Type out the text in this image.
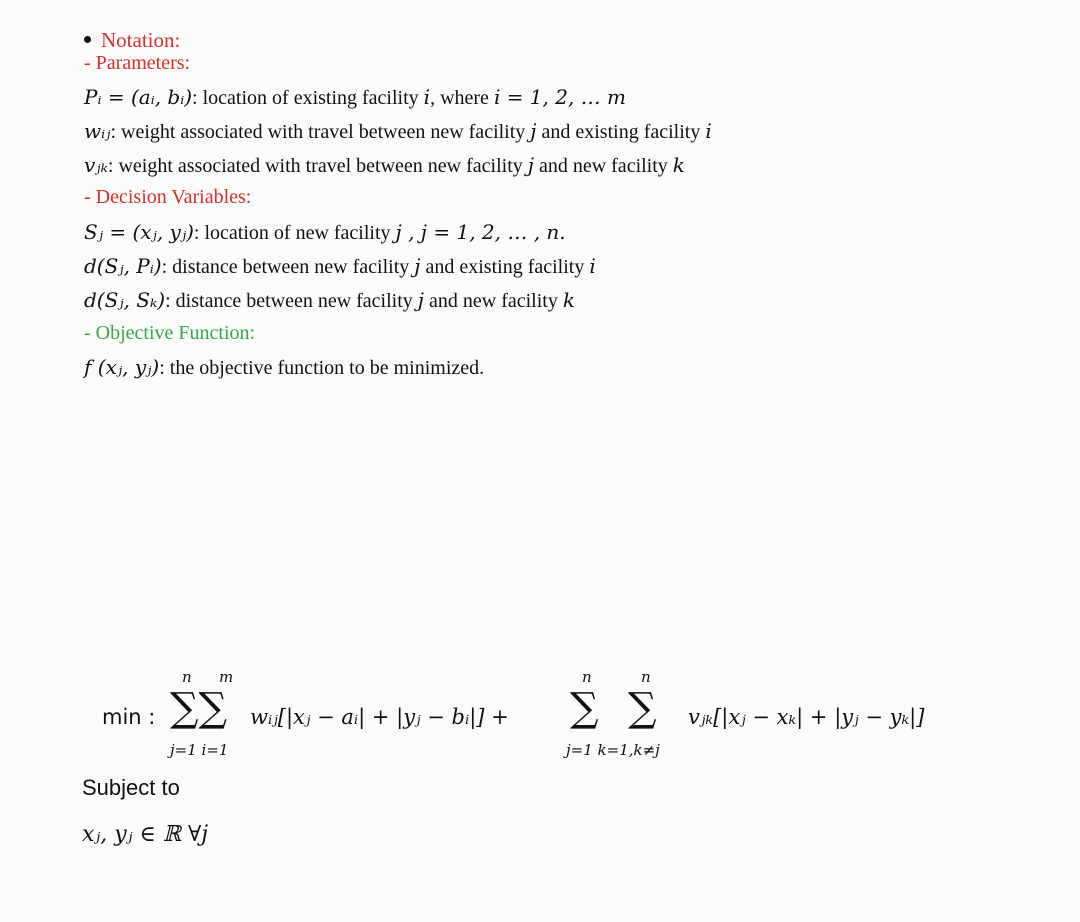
Notation:
- Parameters:
Pᵢ = (aᵢ, bᵢ): location of existing facility i, where i = 1, 2, … m
wᵢⱼ: weight associated with travel between new facility j and existing facility i
vⱼₖ: weight associated with travel between new facility j and new facility k
- Decision Variables:
Sⱼ = (xⱼ, yⱼ): location of new facility j , j = 1, 2, … , n.
d(Sⱼ, Pᵢ): distance between new facility j and existing facility i
d(Sⱼ, Sₖ): distance between new facility j and new facility k
- Objective Function:
f (xⱼ, yⱼ): the objective function to be minimized.
min :
n m
∑∑
j=1 i=1
wᵢⱼ[|xⱼ − aᵢ| + |yⱼ − bᵢ|] +
n	n
∑ ∑
j=1 k=1,k≠j
vⱼₖ[|xⱼ − xₖ| + |yⱼ − yₖ|]
Subject to
xⱼ, yⱼ ∈ ℝ ∀j
